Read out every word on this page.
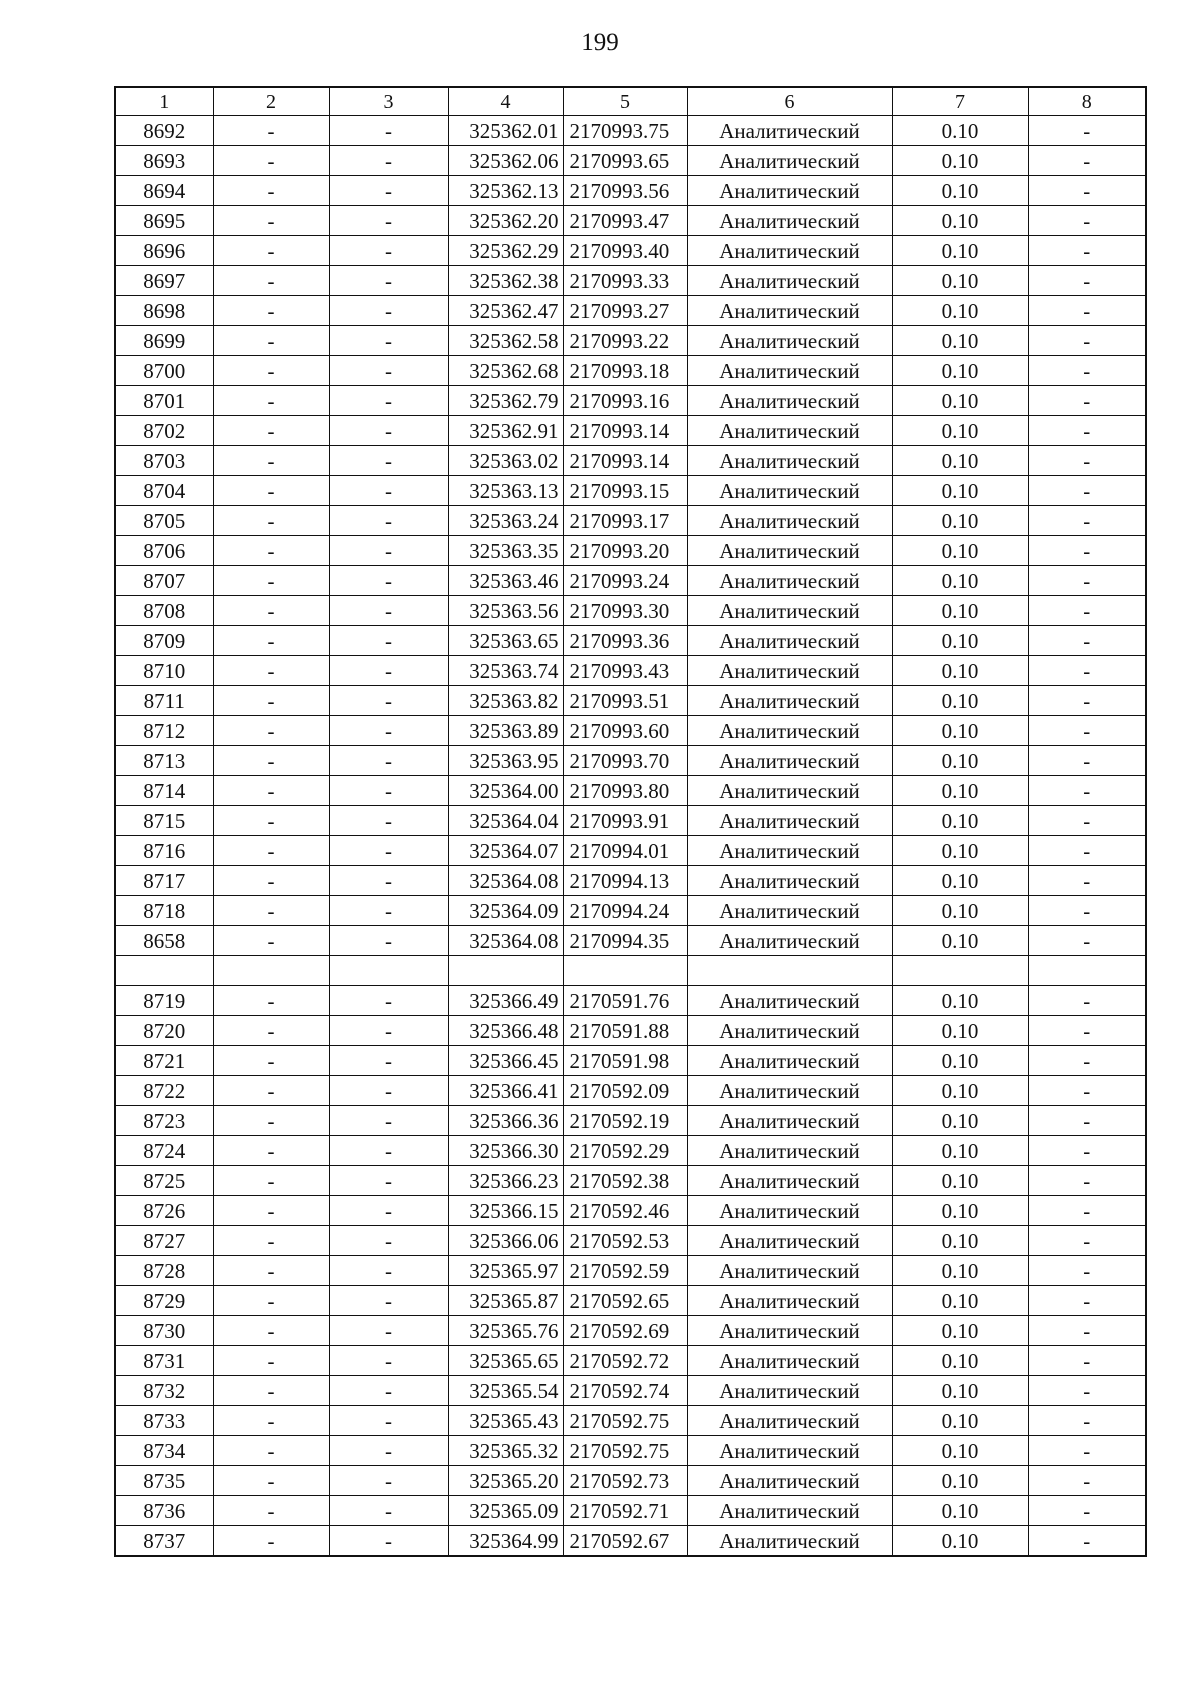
199
1	2	3	4	5	6	7	8
8692	-	-	325362.01	2170993.75	Аналитический	0.10	-
8693	-	-	325362.06	2170993.65	Аналитический	0.10	-
8694	-	-	325362.13	2170993.56	Аналитический	0.10	-
8695	-	-	325362.20	2170993.47	Аналитический	0.10	-
8696	-	-	325362.29	2170993.40	Аналитический	0.10	-
8697	-	-	325362.38	2170993.33	Аналитический	0.10	-
8698	-	-	325362.47	2170993.27	Аналитический	0.10	-
8699	-	-	325362.58	2170993.22	Аналитический	0.10	-
8700	-	-	325362.68	2170993.18	Аналитический	0.10	-
8701	-	-	325362.79	2170993.16	Аналитический	0.10	-
8702	-	-	325362.91	2170993.14	Аналитический	0.10	-
8703	-	-	325363.02	2170993.14	Аналитический	0.10	-
8704	-	-	325363.13	2170993.15	Аналитический	0.10	-
8705	-	-	325363.24	2170993.17	Аналитический	0.10	-
8706	-	-	325363.35	2170993.20	Аналитический	0.10	-
8707	-	-	325363.46	2170993.24	Аналитический	0.10	-
8708	-	-	325363.56	2170993.30	Аналитический	0.10	-
8709	-	-	325363.65	2170993.36	Аналитический	0.10	-
8710	-	-	325363.74	2170993.43	Аналитический	0.10	-
8711	-	-	325363.82	2170993.51	Аналитический	0.10	-
8712	-	-	325363.89	2170993.60	Аналитический	0.10	-
8713	-	-	325363.95	2170993.70	Аналитический	0.10	-
8714	-	-	325364.00	2170993.80	Аналитический	0.10	-
8715	-	-	325364.04	2170993.91	Аналитический	0.10	-
8716	-	-	325364.07	2170994.01	Аналитический	0.10	-
8717	-	-	325364.08	2170994.13	Аналитический	0.10	-
8718	-	-	325364.09	2170994.24	Аналитический	0.10	-
8658	-	-	325364.08	2170994.35	Аналитический	0.10	-

8719	-	-	325366.49	2170591.76	Аналитический	0.10	-
8720	-	-	325366.48	2170591.88	Аналитический	0.10	-
8721	-	-	325366.45	2170591.98	Аналитический	0.10	-
8722	-	-	325366.41	2170592.09	Аналитический	0.10	-
8723	-	-	325366.36	2170592.19	Аналитический	0.10	-
8724	-	-	325366.30	2170592.29	Аналитический	0.10	-
8725	-	-	325366.23	2170592.38	Аналитический	0.10	-
8726	-	-	325366.15	2170592.46	Аналитический	0.10	-
8727	-	-	325366.06	2170592.53	Аналитический	0.10	-
8728	-	-	325365.97	2170592.59	Аналитический	0.10	-
8729	-	-	325365.87	2170592.65	Аналитический	0.10	-
8730	-	-	325365.76	2170592.69	Аналитический	0.10	-
8731	-	-	325365.65	2170592.72	Аналитический	0.10	-
8732	-	-	325365.54	2170592.74	Аналитический	0.10	-
8733	-	-	325365.43	2170592.75	Аналитический	0.10	-
8734	-	-	325365.32	2170592.75	Аналитический	0.10	-
8735	-	-	325365.20	2170592.73	Аналитический	0.10	-
8736	-	-	325365.09	2170592.71	Аналитический	0.10	-
8737	-	-	325364.99	2170592.67	Аналитический	0.10	-
